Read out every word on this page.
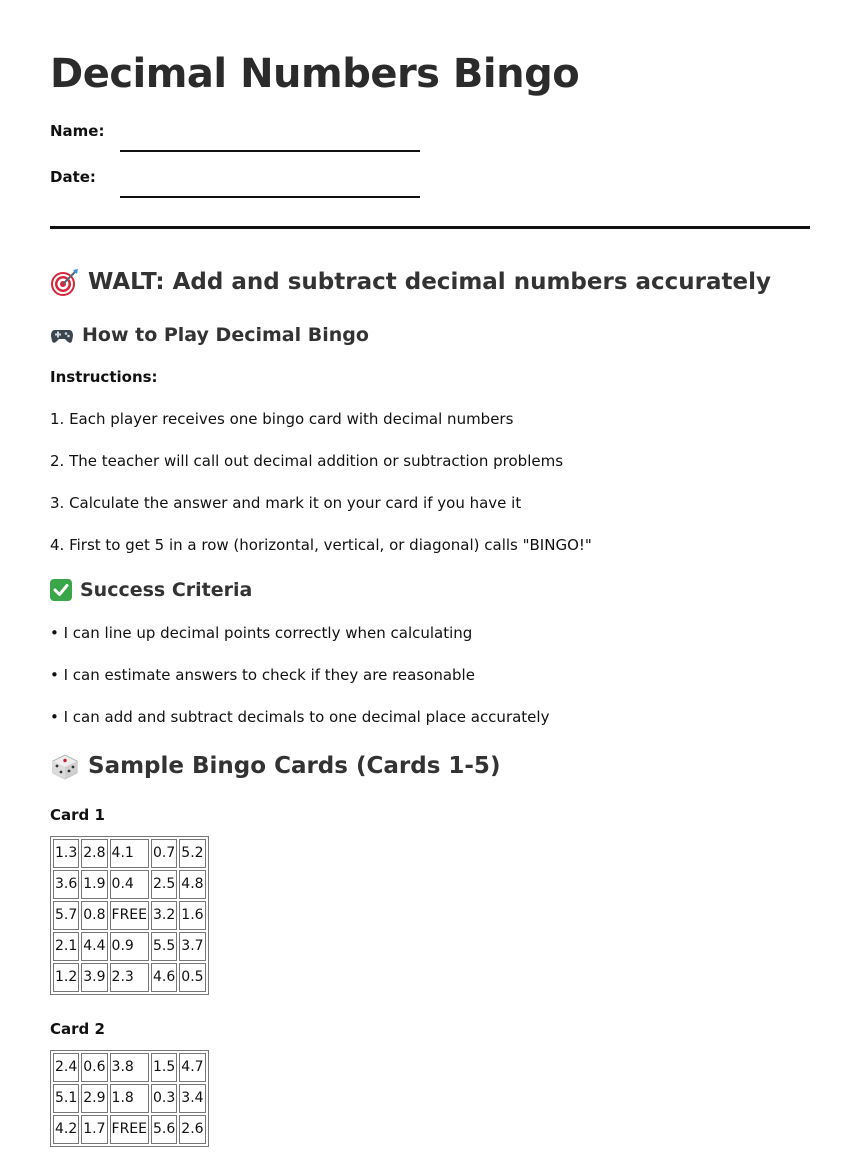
Decimal Numbers Bingo
Name:
Date:
WALT: Add and subtract decimal numbers accurately
How to Play Decimal Bingo
Instructions:
1. Each player receives one bingo card with decimal numbers
2. The teacher will call out decimal addition or subtraction problems
3. Calculate the answer and mark it on your card if you have it
4. First to get 5 in a row (horizontal, vertical, or diagonal) calls "BINGO!"
Success Criteria
• I can line up decimal points correctly when calculating
• I can estimate answers to check if they are reasonable
• I can add and subtract decimals to one decimal place accurately
Sample Bingo Cards (Cards 1-5)
Card 1
1.3	2.8	4.1	0.7	5.2
3.6	1.9	0.4	2.5	4.8
5.7	0.8	FREE	3.2	1.6
2.1	4.4	0.9	5.5	3.7
1.2	3.9	2.3	4.6	0.5
Card 2
2.4	0.6	3.8	1.5	4.7
5.1	2.9	1.8	0.3	3.4
4.2	1.7	FREE	5.6	2.6
